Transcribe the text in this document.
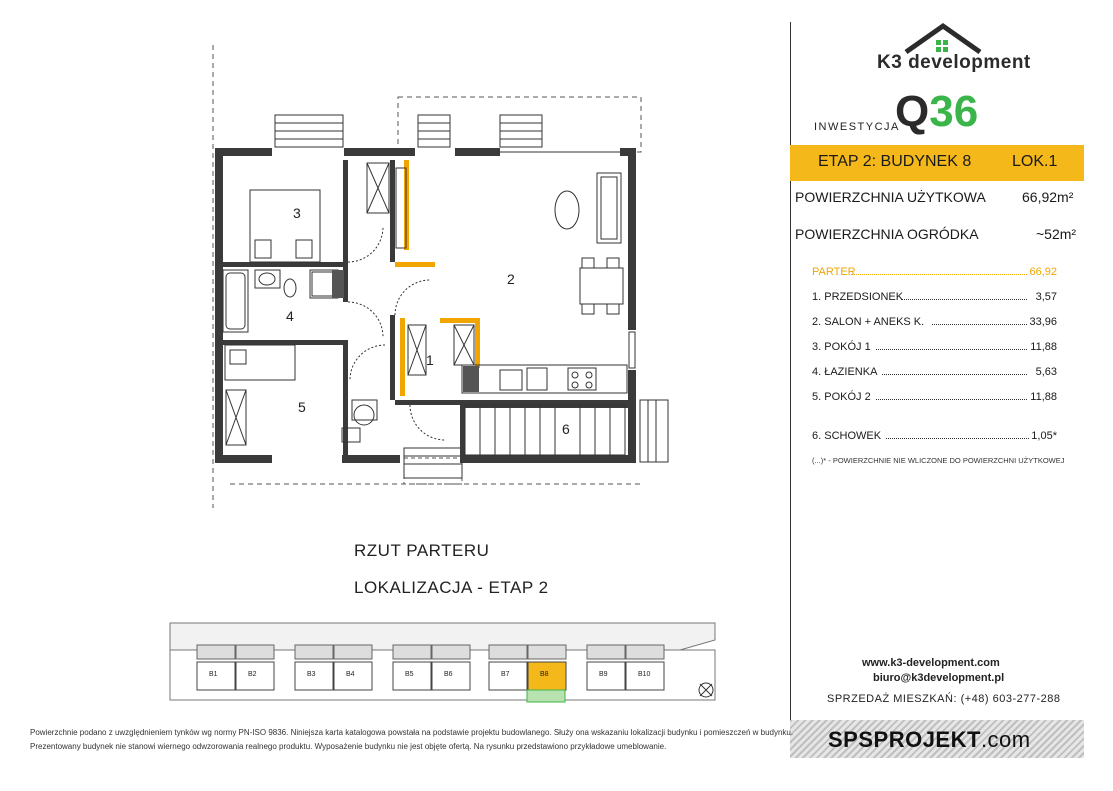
3
2
4
1
5
6
RZUT PARTERU
LOKALIZACJA - ETAP 2
B1	B2	B3	B4	B5	B6	B7	B8	B9	B10
K3 development
INWESTYCJA
Q36
ETAP 2: BUDYNEK 8	LOK.1
POWIERZCHNIA UŻYTKOWA	66,92m²
POWIERZCHNIA OGRÓDKA	~52m²
PARTER	66,92
1. PRZEDSIONEK	3,57
2. SALON + ANEKS K.	33,96
3. POKÓJ 1	11,88
4. ŁAZIENKA	5,63
5. POKÓJ 2	11,88
6. SCHOWEK	1,05*
(...)* - POWIERZCHNIE NIE WLICZONE DO POWIERZCHNI UŻYTKOWEJ
www.k3-development.com
biuro@k3development.pl
SPRZEDAŻ MIESZKAŃ: (+48) 603-277-288
SPSPROJEKT.com
Powierzchnie podano z uwzględnieniem tynków wg normy PN-ISO 9836. Niniejsza karta katalogowa powstała na podstawie projektu budowlanego. Służy ona wskazaniu lokalizacji budynku i pomieszczeń w budynku.
Prezentowany budynek nie stanowi wiernego odwzorowania realnego produktu. Wyposażenie budynku nie jest objęte ofertą. Na rysunku przedstawiono przykładowe umeblowanie.
